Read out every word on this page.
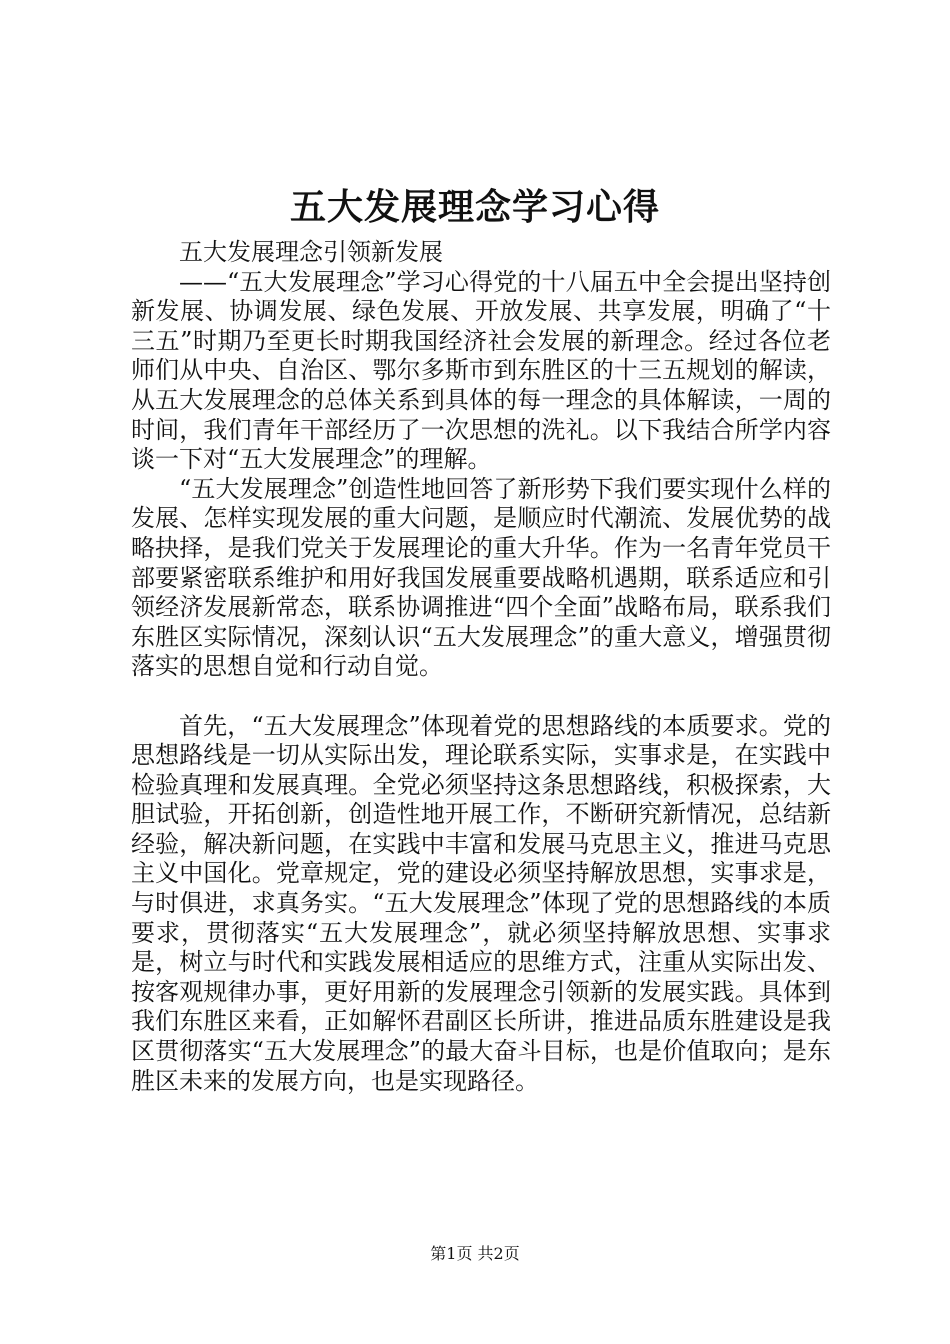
五大发展理念学习心得

五大发展理念引领新发展

——“五大发展理念”学习心得党的十八届五中全会提出坚持创新发展、协调发展、绿色发展、开放发展、共享发展，明确了“十三五”时期乃至更长时期我国经济社会发展的新理念。经过各位老师们从中央、自治区、鄂尔多斯市到东胜区的十三五规划的解读，从五大发展理念的总体关系到具体的每一理念的具体解读，一周的时间，我们青年干部经历了一次思想的洗礼。以下我结合所学内容谈一下对“五大发展理念”的理解。

“五大发展理念”创造性地回答了新形势下我们要实现什么样的发展、怎样实现发展的重大问题，是顺应时代潮流、发展优势的战略抉择，是我们党关于发展理论的重大升华。作为一名青年党员干部要紧密联系维护和用好我国发展重要战略机遇期，联系适应和引领经济发展新常态，联系协调推进“四个全面”战略布局，联系我们东胜区实际情况，深刻认识“五大发展理念”的重大意义，增强贯彻落实的思想自觉和行动自觉。

首先，“五大发展理念”体现着党的思想路线的本质要求。党的思想路线是一切从实际出发，理论联系实际，实事求是，在实践中检验真理和发展真理。全党必须坚持这条思想路线，积极探索，大胆试验，开拓创新，创造性地开展工作，不断研究新情况，总结新经验，解决新问题，在实践中丰富和发展马克思主义，推进马克思主义中国化。党章规定，党的建设必须坚持解放思想，实事求是，与时俱进，求真务实。“五大发展理念”体现了党的思想路线的本质要求，贯彻落实“五大发展理念”，就必须坚持解放思想、实事求是，树立与时代和实践发展相适应的思维方式，注重从实际出发、按客观规律办事，更好用新的发展理念引领新的发展实践。具体到我们东胜区来看，正如解怀君副区长所讲，推进品质东胜建设是我区贯彻落实“五大发展理念”的最大奋斗目标，也是价值取向；是东胜区未来的发展方向，也是实现路径。

第1页 共2页
